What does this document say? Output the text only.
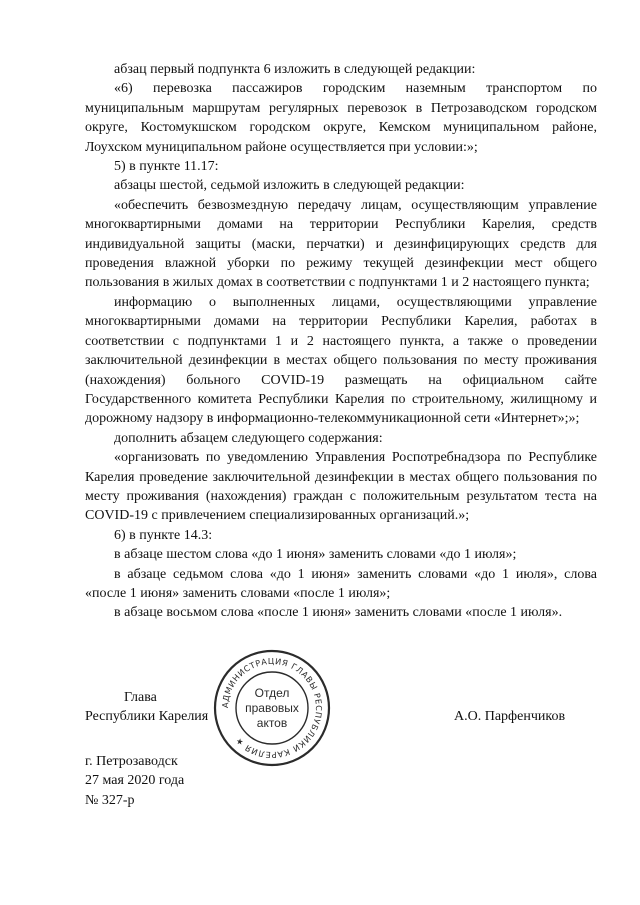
абзац первый подпункта 6 изложить в следующей редакции:

«6) перевозка пассажиров городским наземным транспортом по муниципальным маршрутам регулярных перевозок в Петрозаводском городском округе, Костомукшском городском округе, Кемском муниципальном районе, Лоухском муниципальном районе осуществляется при условии:»;

5) в пункте 11.17:

абзацы шестой, седьмой изложить в следующей редакции:

«обеспечить безвозмездную передачу лицам, осуществляющим управление многоквартирными домами на территории Республики Карелия, средств индивидуальной защиты (маски, перчатки) и дезинфицирующих средств для проведения влажной уборки по режиму текущей дезинфекции мест общего пользования в жилых домах в соответствии с подпунктами 1 и 2 настоящего пункта;

информацию о выполненных лицами, осуществляющими управление многоквартирными домами на территории Республики Карелия, работах в соответствии с подпунктами 1 и 2 настоящего пункта, а также о проведении заключительной дезинфекции в местах общего пользования по месту проживания (нахождения) больного COVID-19 размещать на официальном сайте Государственного комитета Республики Карелия по строительному, жилищному и дорожному надзору в информационно-телекоммуникационной сети «Интернет»;»;

дополнить абзацем следующего содержания:

«организовать по уведомлению Управления Роспотребнадзора по Республике Карелия проведение заключительной дезинфекции в местах общего пользования по месту проживания (нахождения) граждан с положительным результатом теста на COVID-19 с привлечением специализированных организаций.»;

6) в пункте 14.3:

в абзаце шестом слова «до 1 июня» заменить словами «до 1 июля»;

в абзаце седьмом слова «до 1 июня» заменить словами «до 1 июля», слова «после 1 июня» заменить словами «после 1 июля»;

в абзаце восьмом слова «после 1 июня» заменить словами «после 1 июля».

Глава
Республики Карелия
АДМИНИСТРАЦИЯ ГЛАВЫ РЕСПУБЛИКИ КАРЕЛИЯ ★
Отдел
правовых
актов	А.О. Парфенчиков
г. Петрозаводск
27 мая 2020 года
№ 327-р
